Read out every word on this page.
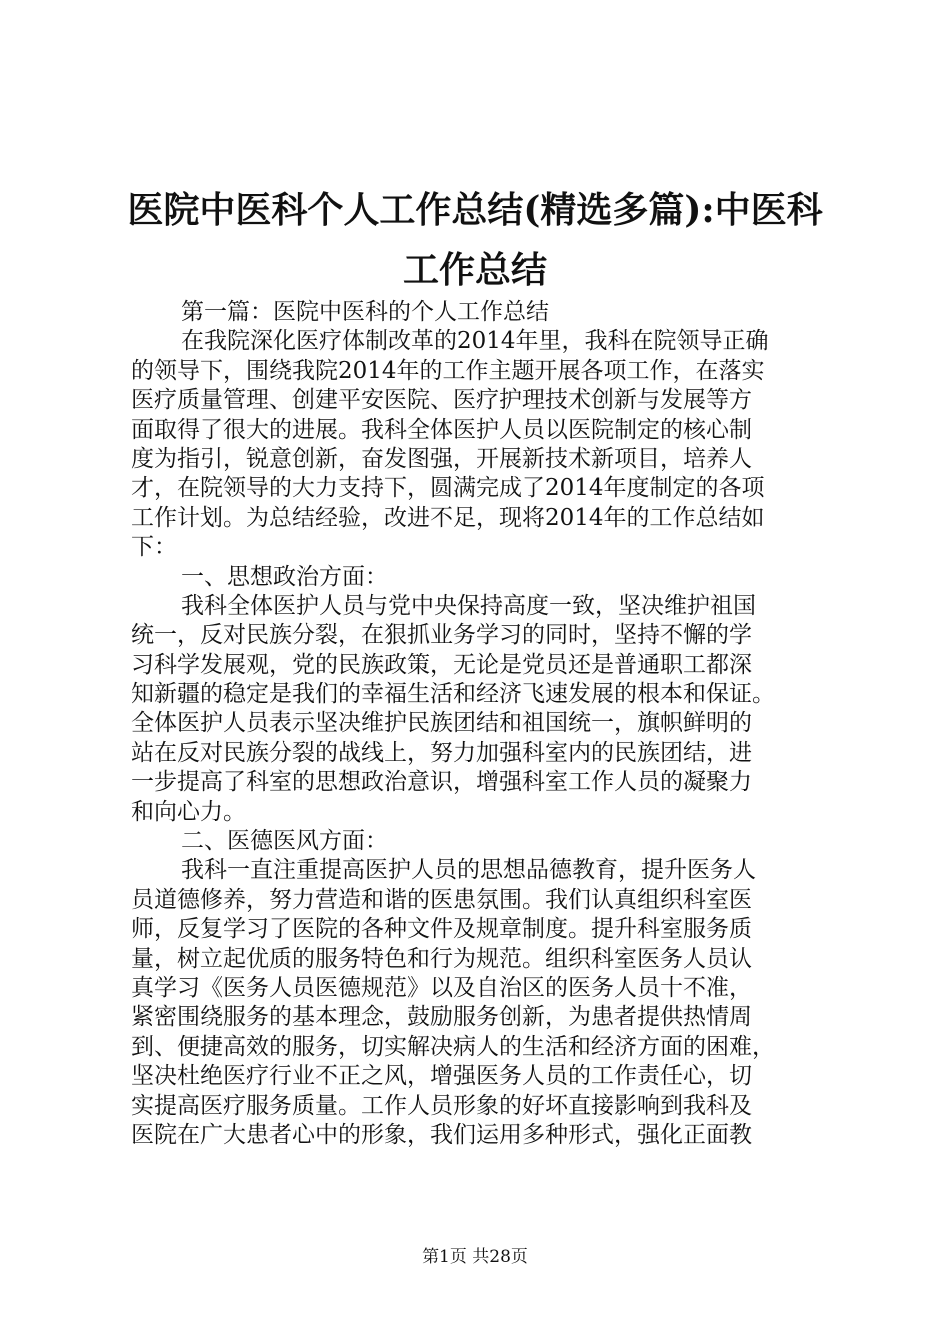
医院中医科个人工作总结(精选多篇):中医科
工作总结
第一篇：医院中医科的个人工作总结
在我院深化医疗体制改革的2014年里，我科在院领导正确
的领导下，围绕我院2014年的工作主题开展各项工作，在落实
医疗质量管理、创建平安医院、医疗护理技术创新与发展等方
面取得了很大的进展。我科全体医护人员以医院制定的核心制
度为指引，锐意创新，奋发图强，开展新技术新项目，培养人
才，在院领导的大力支持下，圆满完成了2014年度制定的各项
工作计划。为总结经验，改进不足，现将2014年的工作总结如
下：
一、思想政治方面：
我科全体医护人员与党中央保持高度一致，坚决维护祖国
统一，反对民族分裂，在狠抓业务学习的同时，坚持不懈的学
习科学发展观，党的民族政策，无论是党员还是普通职工都深
知新疆的稳定是我们的幸福生活和经济飞速发展的根本和保证。
全体医护人员表示坚决维护民族团结和祖国统一，旗帜鲜明的
站在反对民族分裂的战线上，努力加强科室内的民族团结，进
一步提高了科室的思想政治意识，增强科室工作人员的凝聚力
和向心力。
二、医德医风方面：
我科一直注重提高医护人员的思想品德教育，提升医务人
员道德修养，努力营造和谐的医患氛围。我们认真组织科室医
师，反复学习了医院的各种文件及规章制度。提升科室服务质
量，树立起优质的服务特色和行为规范。组织科室医务人员认
真学习《医务人员医德规范》以及自治区的医务人员十不准，
紧密围绕服务的基本理念，鼓励服务创新，为患者提供热情周
到、便捷高效的服务，切实解决病人的生活和经济方面的困难，
坚决杜绝医疗行业不正之风，增强医务人员的工作责任心，切
实提高医疗服务质量。工作人员形象的好坏直接影响到我科及
医院在广大患者心中的形象，我们运用多种形式，强化正面教
第1页 共28页
